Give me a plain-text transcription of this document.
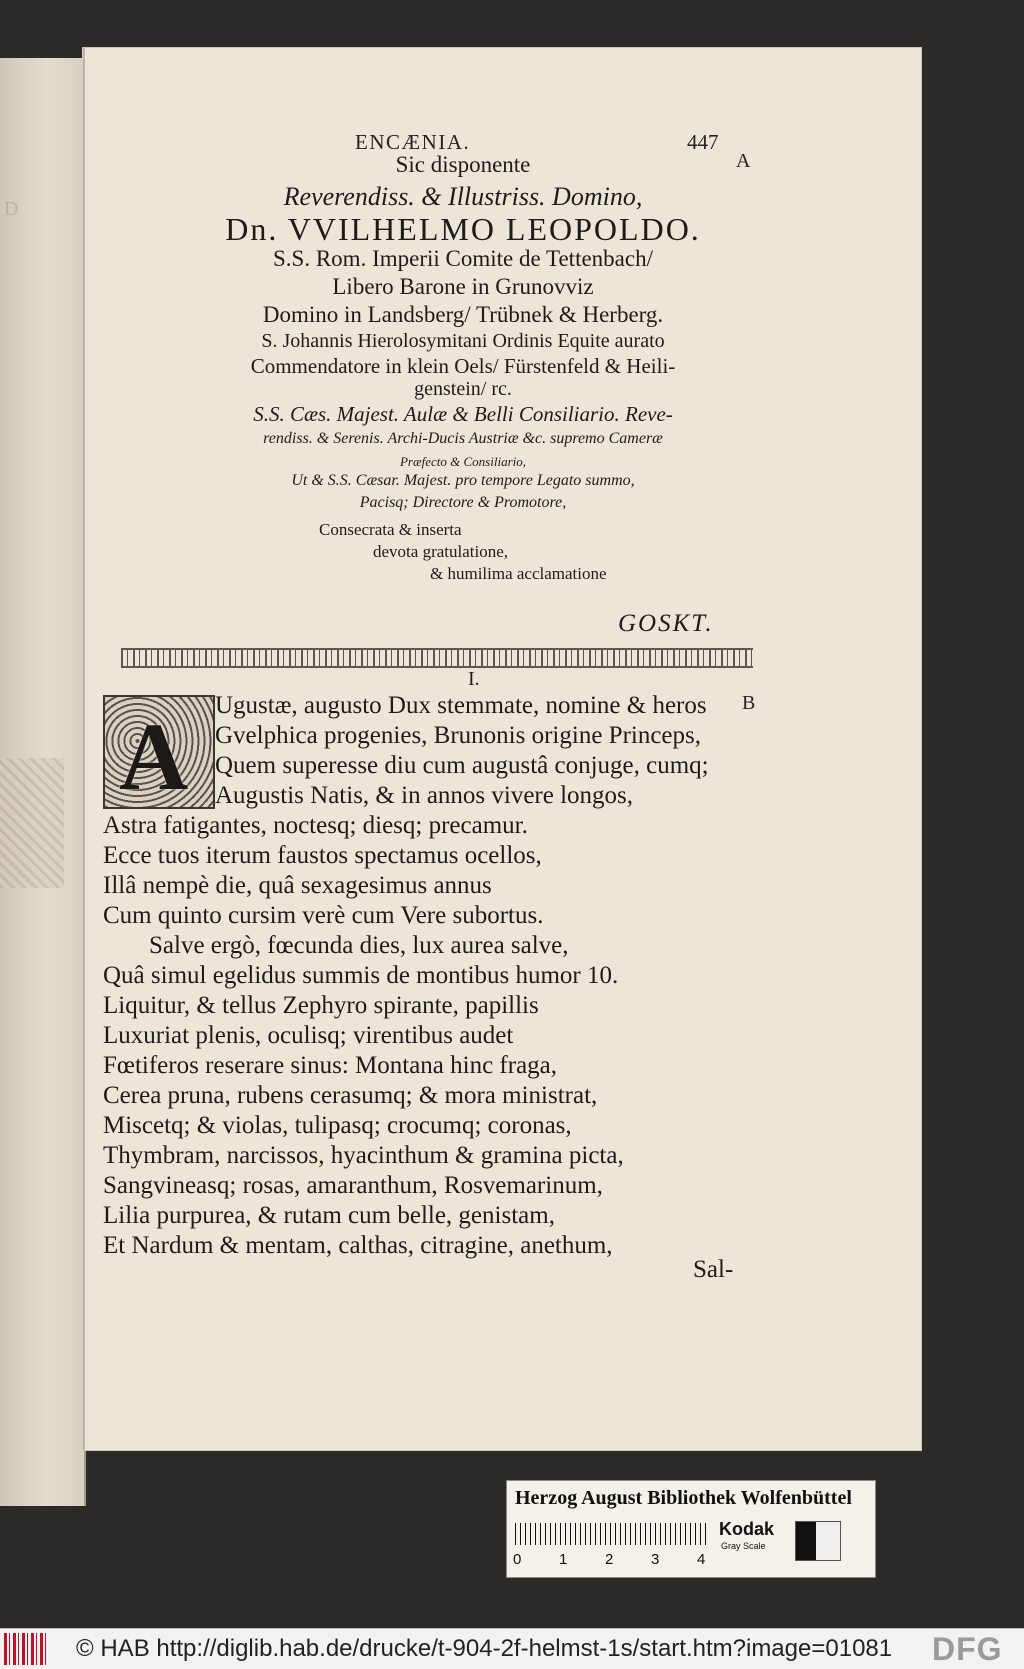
D
ENCÆNIA.	447
A
B
Sic disponente
Reverendiss. & Illustriss. Domino,
Dn. VVILHELMO LEOPOLDO.
S.S. Rom. Imperii Comite de Tettenbach/
Libero Barone in Grunovviz
Domino in Landsberg/ Trübnek & Herberg.
S. Johannis Hierolosymitani Ordinis Equite aurato
Commendatore in klein Oels/ Fürstenfeld & Heili-
genstein/ rc.
S.S. Cæs. Majest. Aulæ & Belli Consiliario. Reve-
rendiss. & Serenis. Archi-Ducis Austriæ &c. supremo Cameræ
Præfecto & Consiliario,
Ut & S.S. Cæsar. Majest. pro tempore Legato summo,
Pacisq; Directore & Promotore,
Consecrata & inserta
devota gratulatione,
& humilima acclamatione
GOSKT.
I.
A Ugustæ, augusto Dux stemmate, nomine & heros
Gvelphica progenies, Brunonis origine Princeps,
Quem superesse diu cum augustâ conjuge, cumq;
Augustis Natis, & in annos vivere longos,
Astra fatigantes, noctesq; diesq; precamur.
Ecce tuos iterum faustos spectamus ocellos,
Illâ nempè die, quâ sexagesimus annus
Cum quinto cursim verè cum Vere subortus.
Salve ergò, fœcunda dies, lux aurea salve,
Quâ simul egelidus summis de montibus humor 10.
Liquitur, & tellus Zephyro spirante, papillis
Luxuriat plenis, oculisq; virentibus audet
Fœtiferos reserare sinus: Montana hinc fraga,
Cerea pruna, rubens cerasumq; & mora ministrat,
Miscetq; & violas, tulipasq; crocumq; coronas,
Thymbram, narcissos, hyacinthum & gramina picta,
Sangvineasq; rosas, amaranthum, Rosvemarinum,
Lilia purpurea, & rutam cum belle, genistam,
Et Nardum & mentam, calthas, citragine, anethum,
Sal-
Herzog August Bibliothek Wolfenbüttel
0	1	2	3	4
Kodak
Gray Scale
© HAB http://diglib.hab.de/drucke/t-904-2f-helmst-1s/start.htm?image=01081 DFG
